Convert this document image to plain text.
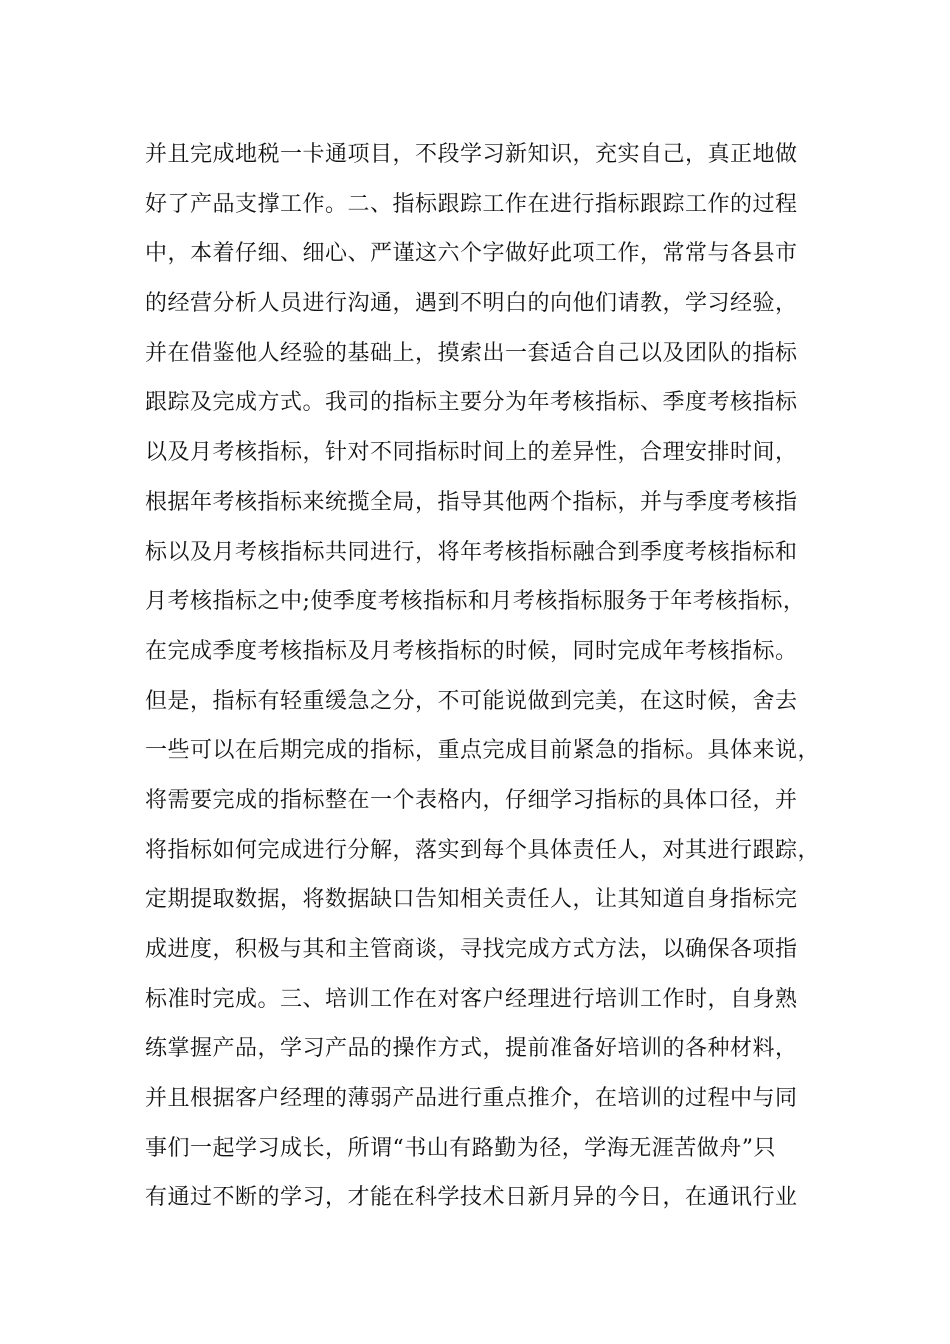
并且完成地税一卡通项目，不段学习新知识，充实自己，真正地做
好了产品支撑工作。二、指标跟踪工作在进行指标跟踪工作的过程
中，本着仔细、细心、严谨这六个字做好此项工作，常常与各县市
的经营分析人员进行沟通，遇到不明白的向他们请教，学习经验，
并在借鉴他人经验的基础上，摸索出一套适合自己以及团队的指标
跟踪及完成方式。我司的指标主要分为年考核指标、季度考核指标
以及月考核指标，针对不同指标时间上的差异性，合理安排时间，
根据年考核指标来统揽全局，指导其他两个指标，并与季度考核指
标以及月考核指标共同进行，将年考核指标融合到季度考核指标和
月考核指标之中;使季度考核指标和月考核指标服务于年考核指标，
在完成季度考核指标及月考核指标的时候，同时完成年考核指标。
但是，指标有轻重缓急之分，不可能说做到完美，在这时候，舍去
一些可以在后期完成的指标，重点完成目前紧急的指标。具体来说，
将需要完成的指标整在一个表格内，仔细学习指标的具体口径，并
将指标如何完成进行分解，落实到每个具体责任人，对其进行跟踪，
定期提取数据，将数据缺口告知相关责任人，让其知道自身指标完
成进度，积极与其和主管商谈，寻找完成方式方法，以确保各项指
标准时完成。三、培训工作在对客户经理进行培训工作时，自身熟
练掌握产品，学习产品的操作方式，提前准备好培训的各种材料，
并且根据客户经理的薄弱产品进行重点推介，在培训的过程中与同
事们一起学习成长，所谓“书山有路勤为径，学海无涯苦做舟”只
有通过不断的学习，才能在科学技术日新月异的今日，在通讯行业
